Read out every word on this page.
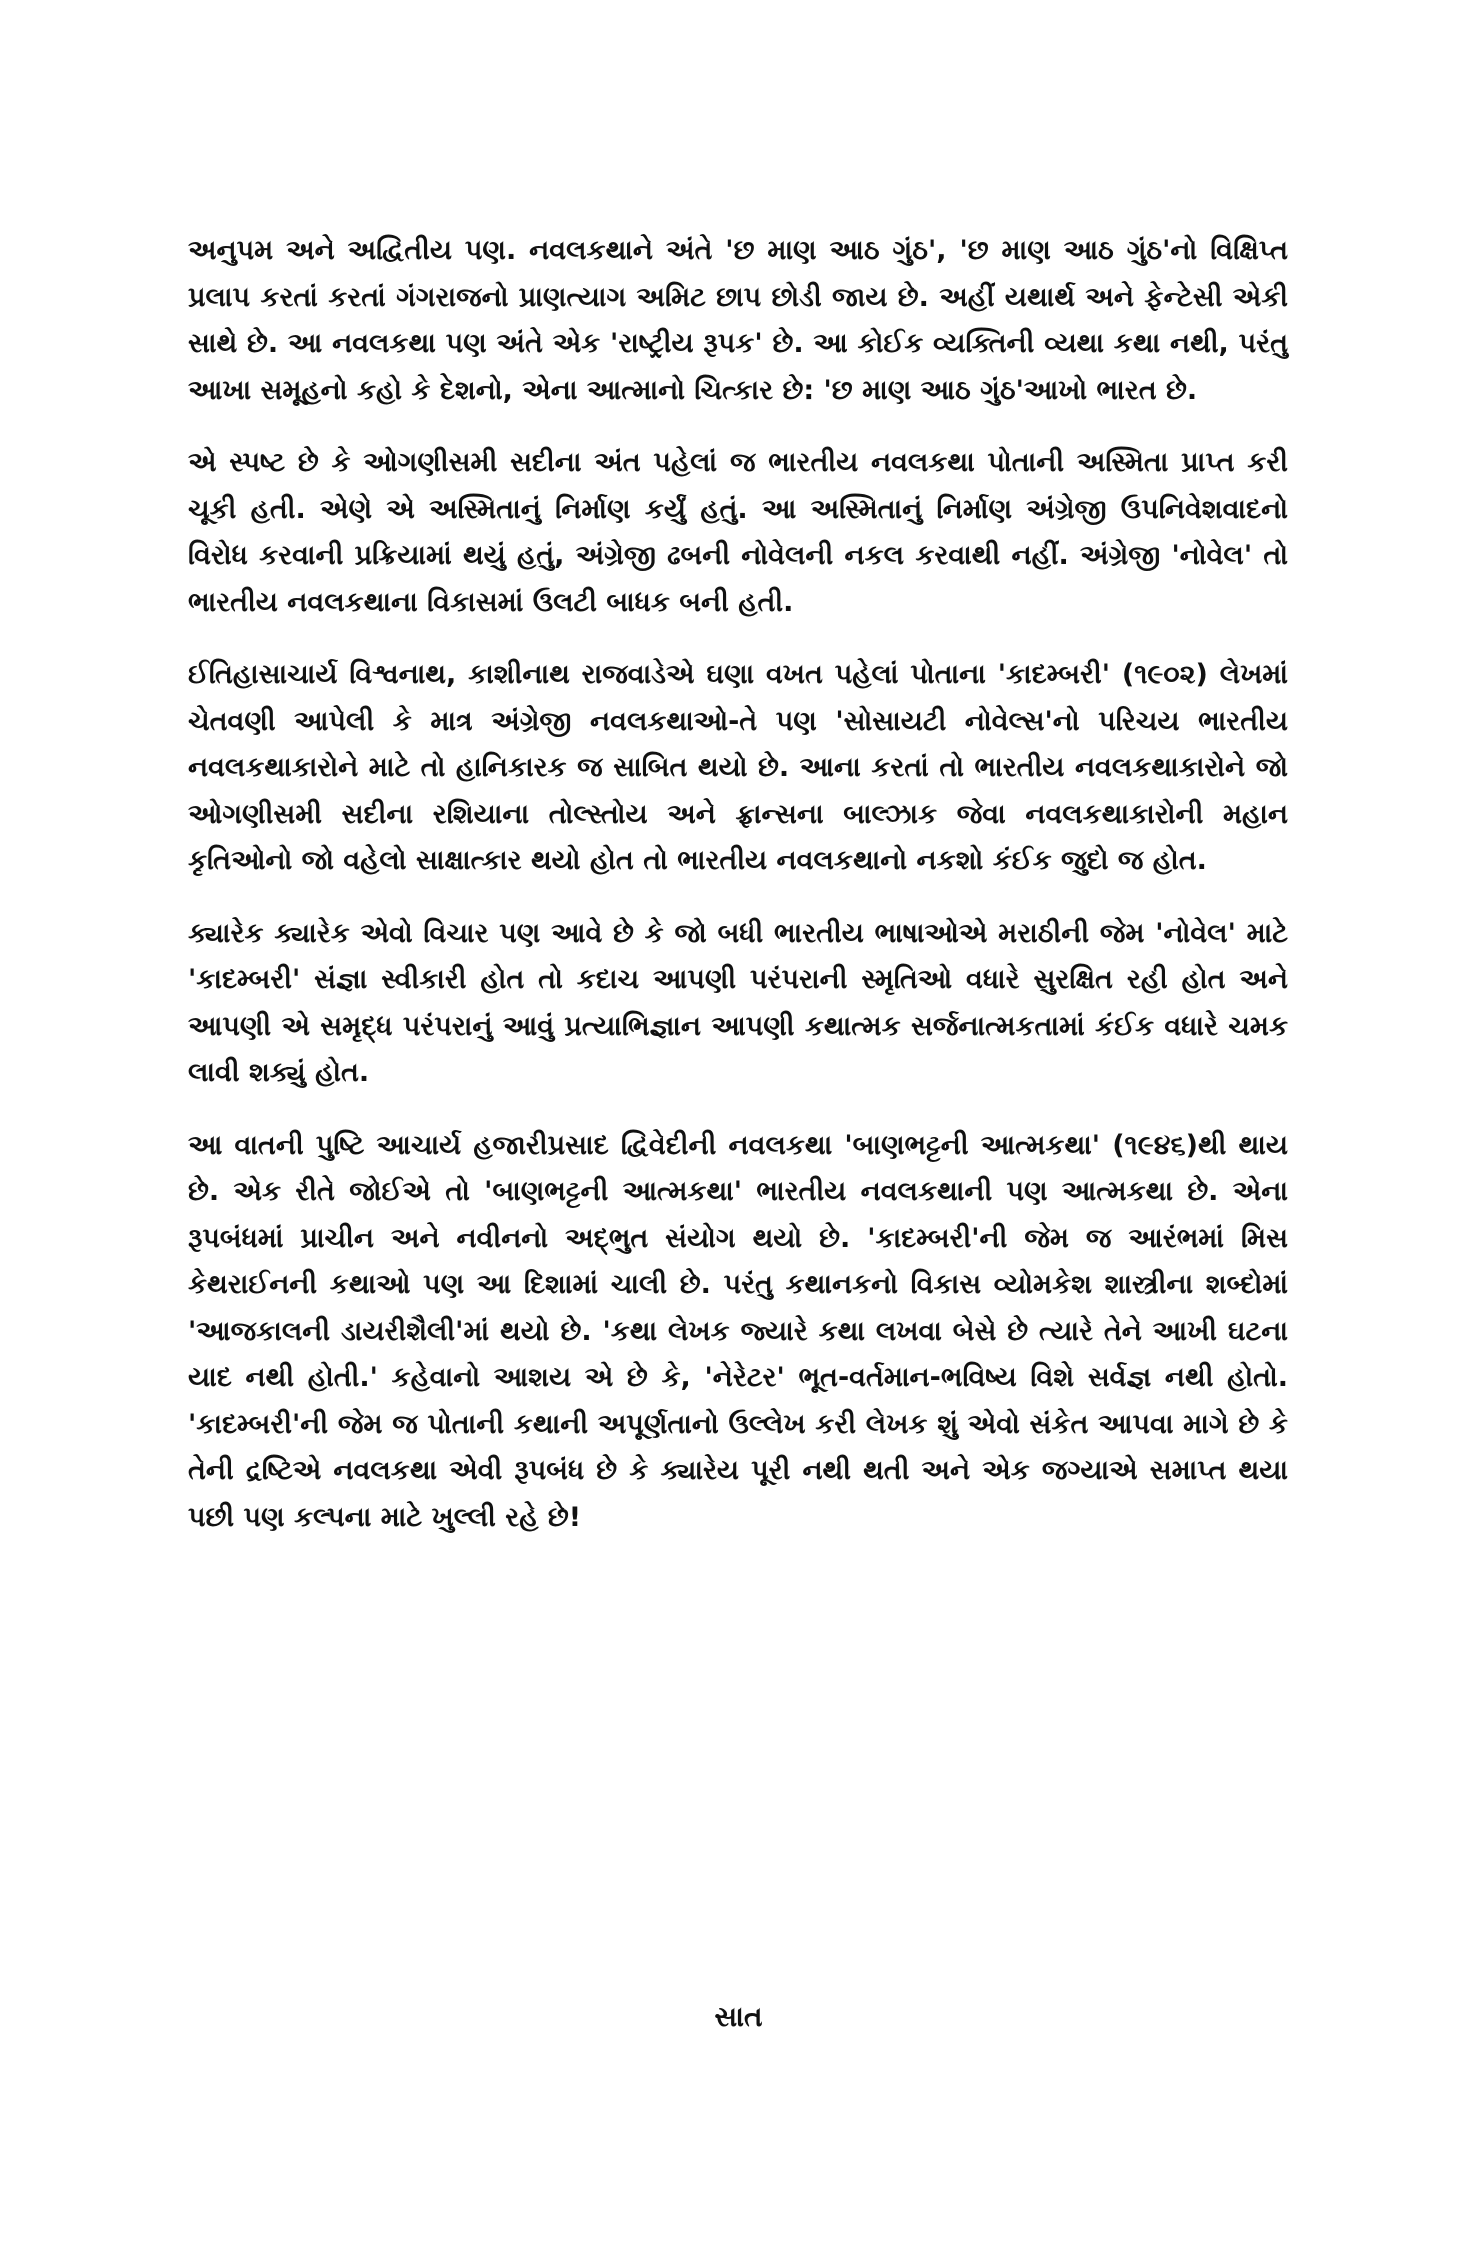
અનુપમ અને અદ્વિતીય પણ. નવલકથાને અંતે 'છ માણ આઠ ગુંઠ', 'છ માણ આઠ ગુંઠ'નો વિક્ષિપ્ત પ્રલાપ કરતાં કરતાં ગંગરાજનો પ્રાણત્યાગ અમિટ છાપ છોડી જાય છે. અહીં યથાર્થ અને ફેન્ટેસી એકી સાથે છે. આ નવલકથા પણ અંતે એક 'રાષ્ટ્રીય રૂપક' છે. આ કોઈક વ્યક્તિની વ્યથા કથા નથી, પરંતુ આખા સમૂહનો કહો કે દેશનો, એના આત્માનો ચિત્કાર છે: 'છ માણ આઠ ગુંઠ'આખો ભારત છે.

એ સ્પષ્ટ છે કે ઓગણીસમી સદીના અંત પહેલાં જ ભારતીય નવલકથા પોતાની અસ્મિતા પ્રાપ્ત કરી ચૂકી હતી. એણે એ અસ્મિતાનું નિર્માણ કર્યું હતું. આ અસ્મિતાનું નિર્માણ અંગ્રેજી ઉપનિવેશવાદનો વિરોધ કરવાની પ્રક્રિયામાં થયું હતું, અંગ્રેજી ઢબની નોવેલની નકલ કરવાથી નહીં. અંગ્રેજી 'નોવેલ' તો ભારતીય નવલકથાના વિકાસમાં ઉલટી બાધક બની હતી.

ઈતિહાસાચાર્ય વિશ્વનાથ, કાશીનાથ રાજવાડેએ ઘણા વખત પહેલાં પોતાના 'કાદમ્બરી' (૧૯૦૨) લેખમાં ચેતવણી આપેલી કે માત્ર અંગ્રેજી નવલકથાઓ-તે પણ 'સોસાયટી નોવેલ્સ'નો પરિચય ભારતીય નવલકથાકારોને માટે તો હાનિકારક જ સાબિત થયો છે. આના કરતાં તો ભારતીય નવલકથાકારોને જો ઓગણીસમી સદીના રશિયાના તોલ્સ્તોય અને ફ્રાન્સના બાલ્ઝાક જેવા નવલકથાકારોની મહાન કૃતિઓનો જો વહેલો સાક્ષાત્કાર થયો હોત તો ભારતીય નવલકથાનો નકશો કંઈક જુદો જ હોત.

ક્યારેક ક્યારેક એવો વિચાર પણ આવે છે કે જો બધી ભારતીય ભાષાઓએ મરાઠીની જેમ 'નોવેલ' માટે 'કાદમ્બરી' સંજ્ઞા સ્વીકારી હોત તો કદાચ આપણી પરંપરાની સ્મૃતિઓ વધારે સુરક્ષિત રહી હોત અને આપણી એ સમૃદ્ધ પરંપરાનું આવું પ્રત્યાભિજ્ઞાન આપણી કથાત્મક સર્જનાત્મકતામાં કંઈક વધારે ચમક લાવી શક્યું હોત.

આ વાતની પુષ્ટિ આચાર્ય હજારીપ્રસાદ દ્વિવેદીની નવલકથા 'બાણભટ્ટની આત્મકથા' (૧૯૪૬)થી થાય છે. એક રીતે જોઈએ તો 'બાણભટ્ટની આત્મકથા' ભારતીય નવલકથાની પણ આત્મકથા છે. એના રૂપબંધમાં પ્રાચીન અને નવીનનો અદ્ભુત સંયોગ થયો છે. 'કાદમ્બરી'ની જેમ જ આરંભમાં મિસ કેથરાઈનની કથાઓ પણ આ દિશામાં ચાલી છે. પરંતુ કથાનકનો વિકાસ વ્યોમકેશ શાસ્ત્રીના શબ્દોમાં 'આજકાલની ડાયરીશૈલી'માં થયો છે. 'કથા લેખક જ્યારે કથા લખવા બેસે છે ત્યારે તેને આખી ઘટના યાદ નથી હોતી.' કહેવાનો આશય એ છે કે, 'નેરેટર' ભૂત-વર્તમાન-ભવિષ્ય વિશે સર્વજ્ઞ નથી હોતો. 'કાદમ્બરી'ની જેમ જ પોતાની કથાની અપૂર્ણતાનો ઉલ્લેખ કરી લેખક શું એવો સંકેત આપવા માગે છે કે તેની દ્રષ્ટિએ નવલકથા એવી રૂપબંધ છે કે ક્યારેય પૂરી નથી થતી અને એક જગ્યાએ સમાપ્ત થયા પછી પણ કલ્પના માટે ખુલ્લી રહે છે!

સાત
